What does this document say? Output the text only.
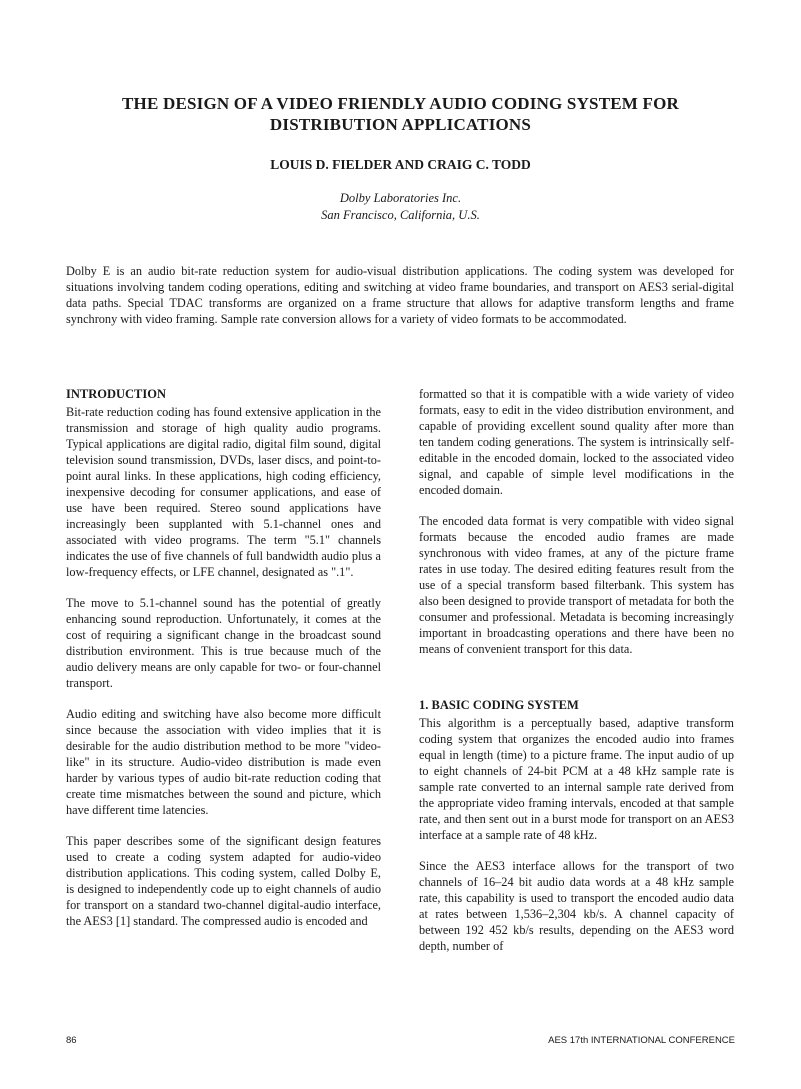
THE DESIGN OF A VIDEO FRIENDLY AUDIO CODING SYSTEM FOR
DISTRIBUTION APPLICATIONS
LOUIS D. FIELDER AND CRAIG C. TODD
Dolby Laboratories Inc.
San Francisco, California, U.S.

Dolby E is an audio bit-rate reduction system for audio-visual distribution applications. The coding system was developed for situations involving tandem coding operations, editing and switching at video frame boundaries, and transport on AES3 serial-digital data paths. Special TDAC transforms are organized on a frame structure that allows for adaptive transform lengths and frame synchrony with video framing. Sample rate conversion allows for a variety of video formats to be accommodated.

INTRODUCTION

Bit-rate reduction coding has found extensive application in the transmission and storage of high quality audio programs. Typical applications are digital radio, digital film sound, digital television sound transmission, DVDs, laser discs, and point-to-point aural links. In these applications, high coding efficiency, inexpensive decoding for consumer applications, and ease of use have been required. Stereo sound applications have increasingly been supplanted with 5.1-channel ones and associated with video programs. The term "5.1" channels indicates the use of five channels of full bandwidth audio plus a low-frequency effects, or LFE channel, designated as ".1".

The move to 5.1-channel sound has the potential of greatly enhancing sound reproduction. Unfortunately, it comes at the cost of requiring a significant change in the broadcast sound distribution environment. This is true because much of the audio delivery means are only capable for two- or four-channel transport.

Audio editing and switching have also become more difficult since because the association with video implies that it is desirable for the audio distribution method to be more "video-like" in its structure. Audio-video distribution is made even harder by various types of audio bit-rate reduction coding that create time mismatches between the sound and picture, which have different time latencies.

This paper describes some of the significant design features used to create a coding system adapted for audio-video distribution applications. This coding system, called Dolby E, is designed to independently code up to eight channels of audio for transport on a standard two-channel digital-audio interface, the AES3 [1] standard. The compressed audio is encoded and

formatted so that it is compatible with a wide variety of video formats, easy to edit in the video distribution environment, and capable of providing excellent sound quality after more than ten tandem coding generations. The system is intrinsically self-editable in the encoded domain, locked to the associated video signal, and capable of simple level modifications in the encoded domain.

The encoded data format is very compatible with video signal formats because the encoded audio frames are made synchronous with video frames, at any of the picture frame rates in use today. The desired editing features result from the use of a special transform based filterbank. This system has also been designed to provide transport of metadata for both the consumer and professional. Metadata is becoming increasingly important in broadcasting operations and there have been no means of convenient transport for this data.

1. BASIC CODING SYSTEM

This algorithm is a perceptually based, adaptive transform coding system that organizes the encoded audio into frames equal in length (time) to a picture frame. The input audio of up to eight channels of 24-bit PCM at a 48 kHz sample rate is sample rate converted to an internal sample rate derived from the appropriate video framing intervals, encoded at that sample rate, and then sent out in a burst mode for transport on an AES3 interface at a sample rate of 48 kHz.

Since the AES3 interface allows for the transport of two channels of 16–24 bit audio data words at a 48 kHz sample rate, this capability is used to transport the encoded audio data at rates between 1,536–2,304 kb/s. A channel capacity of between 192 452 kb/s results, depending on the AES3 word depth, number of

86	AES 17th INTERNATIONAL CONFERENCE
